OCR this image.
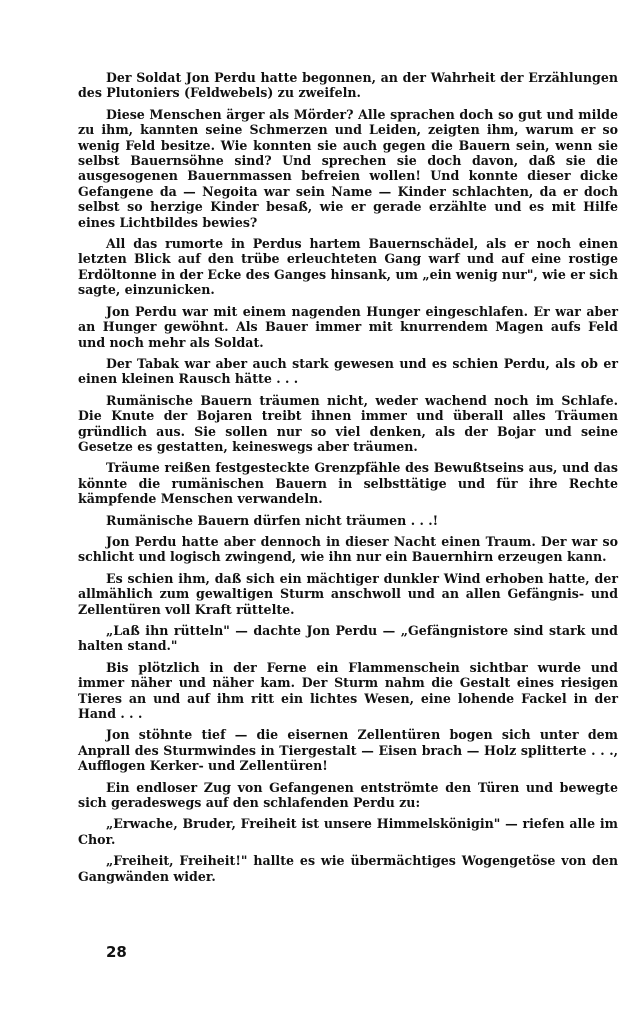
Der Soldat Jon Perdu hatte begonnen, an der Wahrheit der Erzählungen des Plutoniers (Feldwebels) zu zweifeln.

Diese Menschen ärger als Mörder? Alle sprachen doch so gut und milde zu ihm, kannten seine Schmerzen und Leiden, zeigten ihm, warum er so wenig Feld besitze. Wie konnten sie auch gegen die Bauern sein, wenn sie selbst Bauernsöhne sind? Und sprechen sie doch davon, daß sie die ausgesogenen Bauernmassen befreien wollen! Und konnte dieser dicke Gefangene da — Negoita war sein Name — Kinder schlachten, da er doch selbst so herzige Kinder besaß, wie er gerade erzählte und es mit Hilfe eines Lichtbildes bewies?

All das rumorte in Perdus hartem Bauernschädel, als er noch einen letzten Blick auf den trübe erleuchteten Gang warf und auf eine rostige Erdöltonne in der Ecke des Ganges hinsank, um „ein wenig nur", wie er sich sagte, einzunicken.

Jon Perdu war mit einem nagenden Hunger eingeschlafen. Er war aber an Hunger gewöhnt. Als Bauer immer mit knurrendem Magen aufs Feld und noch mehr als Soldat.

Der Tabak war aber auch stark gewesen und es schien Perdu, als ob er einen kleinen Rausch hätte . . .

Rumänische Bauern träumen nicht, weder wachend noch im Schlafe. Die Knute der Bojaren treibt ihnen immer und überall alles Träumen gründlich aus. Sie sollen nur so viel denken, als der Bojar und seine Gesetze es gestatten, keineswegs aber träumen.

Träume reißen festgesteckte Grenzpfähle des Bewußtseins aus, und das könnte die rumänischen Bauern in selbsttätige und für ihre Rechte kämpfende Menschen verwandeln.

Rumänische Bauern dürfen nicht träumen . . .!

Jon Perdu hatte aber dennoch in dieser Nacht einen Traum. Der war so schlicht und logisch zwingend, wie ihn nur ein Bauernhirn erzeugen kann.

Es schien ihm, daß sich ein mächtiger dunkler Wind erhoben hatte, der allmählich zum gewaltigen Sturm anschwoll und an allen Gefängnis- und Zellentüren voll Kraft rüttelte.

„Laß ihn rütteln" — dachte Jon Perdu — „Gefängnistore sind stark und halten stand."

Bis plötzlich in der Ferne ein Flammenschein sichtbar wurde und immer näher und näher kam. Der Sturm nahm die Gestalt eines riesigen Tieres an und auf ihm ritt ein lichtes Wesen, eine lohende Fackel in der Hand . . .

Jon stöhnte tief — die eisernen Zellentüren bogen sich unter dem Anprall des Sturmwindes in Tiergestalt — Eisen brach — Holz splitterte . . ., Aufflogen Kerker- und Zellentüren!

Ein endloser Zug von Gefangenen entströmte den Türen und bewegte sich geradeswegs auf den schlafenden Perdu zu:

„Erwache, Bruder, Freiheit ist unsere Himmelskönigin" — riefen alle im Chor.

„Freiheit, Freiheit!" hallte es wie übermächtiges Wogengetöse von den Gangwänden wider.

28
